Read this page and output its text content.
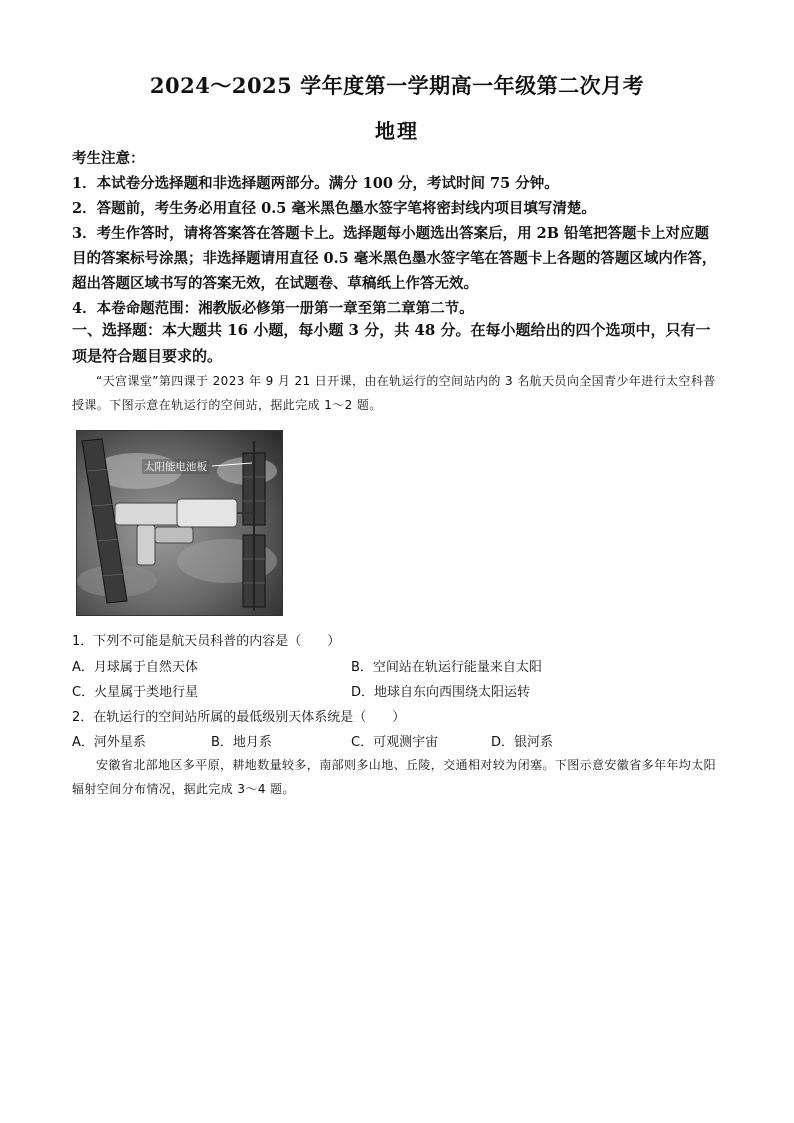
2024～2025 学年度第一学期高一年级第二次月考
地理

考生注意：

1．本试卷分选择题和非选择题两部分。满分 100 分，考试时间 75 分钟。

2．答题前，考生务必用直径 0.5 毫米黑色墨水签字笔将密封线内项目填写清楚。

3．考生作答时，请将答案答在答题卡上。选择题每小题选出答案后，用 2B 铅笔把答题卡上对应题目的答案标号涂黑；非选择题请用直径 0.5 毫米黑色墨水签字笔在答题卡上各题的答题区域内作答，超出答题区域书写的答案无效，在试题卷、草稿纸上作答无效。

4．本卷命题范围：湘教版必修第一册第一章至第二章第二节。

一、选择题：本大题共 16 小题，每小题 3 分，共 48 分。在每小题给出的四个选项中，只有一项是符合题目要求的。

“天宫课堂”第四课于 2023 年 9 月 21 日开课，由在轨运行的空间站内的 3 名航天员向全国青少年进行太空科普授课。下图示意在轨运行的空间站，据此完成 1～2 题。

太阳能电池板
1．下列不可能是航天员科普的内容是（　　）
A．月球属于自然天体	B．空间站在轨运行能量来自太阳
C．火星属于类地行星	D．地球自东向西围绕太阳运转
2．在轨运行的空间站所属的最低级别天体系统是（　　）
A．河外星系	B．地月系	C．可观测宇宙	D．银河系

安徽省北部地区多平原，耕地数量较多，南部则多山地、丘陵，交通相对较为闭塞。下图示意安徽省多年年均太阳辐射空间分布情况，据此完成 3～4 题。
